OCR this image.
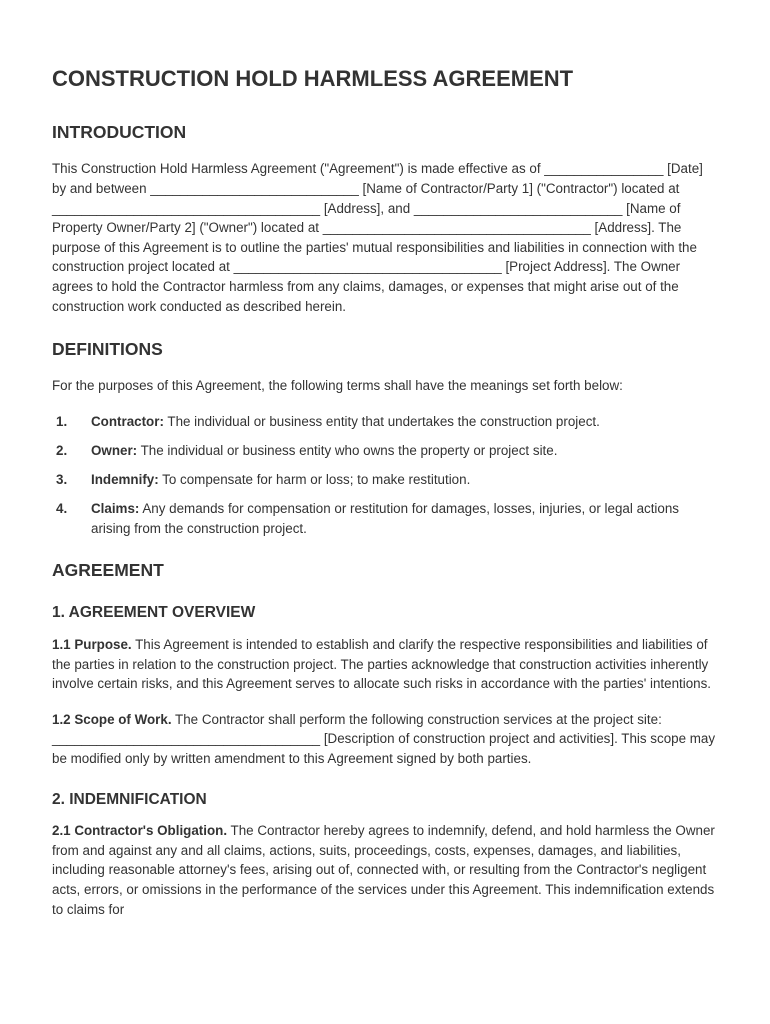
CONSTRUCTION HOLD HARMLESS AGREEMENT
INTRODUCTION

This Construction Hold Harmless Agreement ("Agreement") is made effective as of ________________ [Date] by and between ____________________________ [Name of Contractor/Party 1] ("Contractor") located at ____________________________________ [Address], and ____________________________ [Name of Property Owner/Party 2] ("Owner") located at ____________________________________ [Address]. The purpose of this Agreement is to outline the parties' mutual responsibilities and liabilities in connection with the construction project located at ____________________________________ [Project Address]. The Owner agrees to hold the Contractor harmless from any claims, damages, or expenses that might arise out of the construction work conducted as described herein.

DEFINITIONS

For the purposes of this Agreement, the following terms shall have the meanings set forth below:

1.	Contractor: The individual or business entity that undertakes the construction project.
2.	Owner: The individual or business entity who owns the property or project site.
3.	Indemnify: To compensate for harm or loss; to make restitution.
4.	Claims: Any demands for compensation or restitution for damages, losses, injuries, or legal actions arising from the construction project.
AGREEMENT
1. AGREEMENT OVERVIEW

1.1 Purpose. This Agreement is intended to establish and clarify the respective responsibilities and liabilities of the parties in relation to the construction project. The parties acknowledge that construction activities inherently involve certain risks, and this Agreement serves to allocate such risks in accordance with the parties' intentions.

1.2 Scope of Work. The Contractor shall perform the following construction services at the project site: ____________________________________ [Description of construction project and activities]. This scope may be modified only by written amendment to this Agreement signed by both parties.

2. INDEMNIFICATION

2.1 Contractor's Obligation. The Contractor hereby agrees to indemnify, defend, and hold harmless the Owner from and against any and all claims, actions, suits, proceedings, costs, expenses, damages, and liabilities, including reasonable attorney's fees, arising out of, connected with, or resulting from the Contractor's negligent acts, errors, or omissions in the performance of the services under this Agreement. This indemnification extends to claims for
